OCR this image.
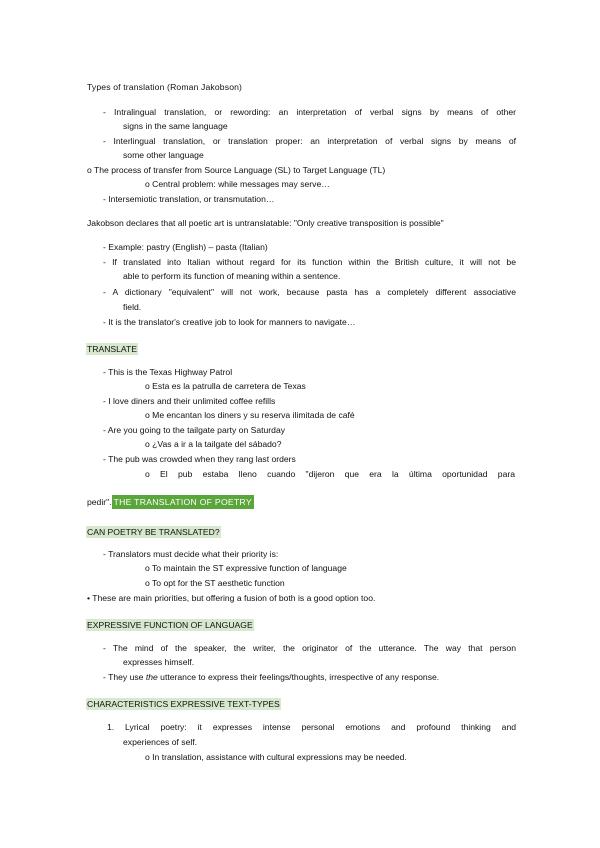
Types of translation (Roman Jakobson)
- Intralingual translation, or rewording: an interpretation of verbal signs by means of other
signs in the same language
- Interlingual translation, or translation proper: an interpretation of verbal signs by means of
some other language
o The process of transfer from Source Language (SL) to Target Language (TL)
o Central problem: while messages may serve…
- Intersemiotic translation, or transmutation…
Jakobson declares that all poetic art is untranslatable: "Only creative transposition is possible"
- Example: pastry (English) – pasta (Italian)
- If translated into Italian without regard for its function within the British culture, it will not be
able to perform its function of meaning within a sentence.
- A dictionary "equivalent" will not work, because pasta has a completely different associative
field.
- It is the translator's creative job to look for manners to navigate…
TRANSLATE
- This is the Texas Highway Patrol
o Esta es la patrulla de carretera de Texas
- I love diners and their unlimited coffee refills
o Me encantan los diners y su reserva ilimitada de café
- Are you going to the tailgate party on Saturday
o ¿Vas a ir a la tailgate del sábado?
- The pub was crowded when they rang last orders
o El pub estaba lleno cuando "dijeron que era la última oportunidad para
pedir". THE TRANSLATION OF POETRY
CAN POETRY BE TRANSLATED?
- Translators must decide what their priority is:
o To maintain the ST expressive function of language
o To opt for the ST aesthetic function
• These are main priorities, but offering a fusion of both is a good option too.
EXPRESSIVE FUNCTION OF LANGUAGE
- The mind of the speaker, the writer, the originator of the utterance. The way that person
expresses himself.
- They use the utterance to express their feelings/thoughts, irrespective of any response.
CHARACTERISTICS EXPRESSIVE TEXT-TYPES
1. Lyrical poetry: it expresses intense personal emotions and profound thinking and
experiences of self.
o In translation, assistance with cultural expressions may be needed.
